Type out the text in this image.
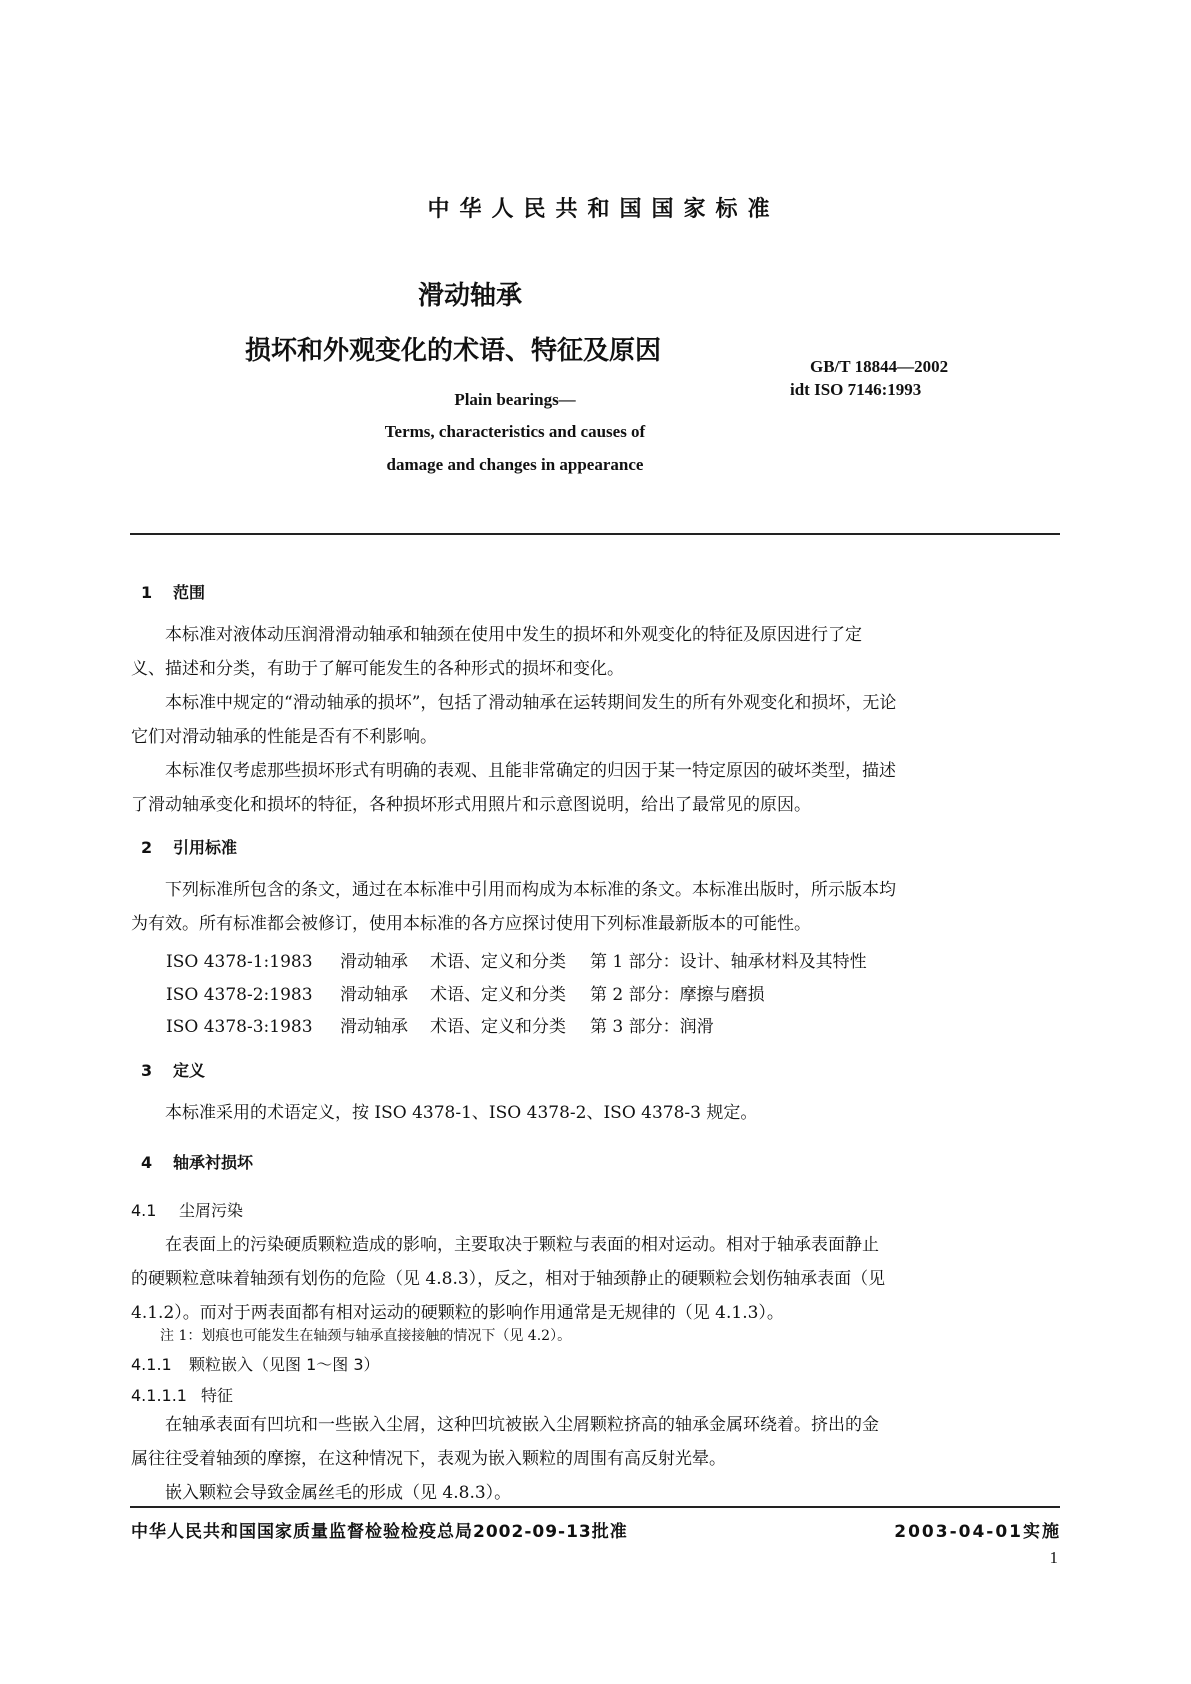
中华人民共和国国家标准
滑动轴承
损坏和外观变化的术语、特征及原因
GB/T 18844—2002
idt ISO 7146:1993
Plain bearings—
Terms, characteristics and causes of
damage and changes in appearance
1 范围
本标准对液体动压润滑滑动轴承和轴颈在使用中发生的损坏和外观变化的特征及原因进行了定
义、描述和分类，有助于了解可能发生的各种形式的损坏和变化。
本标准中规定的“滑动轴承的损坏”，包括了滑动轴承在运转期间发生的所有外观变化和损坏，无论
它们对滑动轴承的性能是否有不利影响。
本标准仅考虑那些损坏形式有明确的表观、且能非常确定的归因于某一特定原因的破坏类型，描述
了滑动轴承变化和损坏的特征，各种损坏形式用照片和示意图说明，给出了最常见的原因。
2 引用标准
下列标准所包含的条文，通过在本标准中引用而构成为本标准的条文。本标准出版时，所示版本均
为有效。所有标准都会被修订，使用本标准的各方应探讨使用下列标准最新版本的可能性。
ISO 4378-1:1983 滑动轴承 术语、定义和分类 第 1 部分：设计、轴承材料及其特性
ISO 4378-2:1983 滑动轴承 术语、定义和分类 第 2 部分：摩擦与磨损
ISO 4378-3:1983 滑动轴承 术语、定义和分类 第 3 部分：润滑
3 定义
本标准采用的术语定义，按 ISO 4378-1、ISO 4378-2、ISO 4378-3 规定。
4 轴承衬损坏
4.1 尘屑污染
在表面上的污染硬质颗粒造成的影响，主要取决于颗粒与表面的相对运动。相对于轴承表面静止
的硬颗粒意味着轴颈有划伤的危险（见 4.8.3），反之，相对于轴颈静止的硬颗粒会划伤轴承表面（见
4.1.2）。而对于两表面都有相对运动的硬颗粒的影响作用通常是无规律的（见 4.1.3）。
注 1：划痕也可能发生在轴颈与轴承直接接触的情况下（见 4.2）。
4.1.1 颗粒嵌入（见图 1～图 3）
4.1.1.1 特征
在轴承表面有凹坑和一些嵌入尘屑，这种凹坑被嵌入尘屑颗粒挤高的轴承金属环绕着。挤出的金
属往往受着轴颈的摩擦，在这种情况下，表观为嵌入颗粒的周围有高反射光晕。
嵌入颗粒会导致金属丝毛的形成（见 4.8.3）。
中华人民共和国国家质量监督检验检疫总局2002-09-13批准	2003-04-01实施
1
